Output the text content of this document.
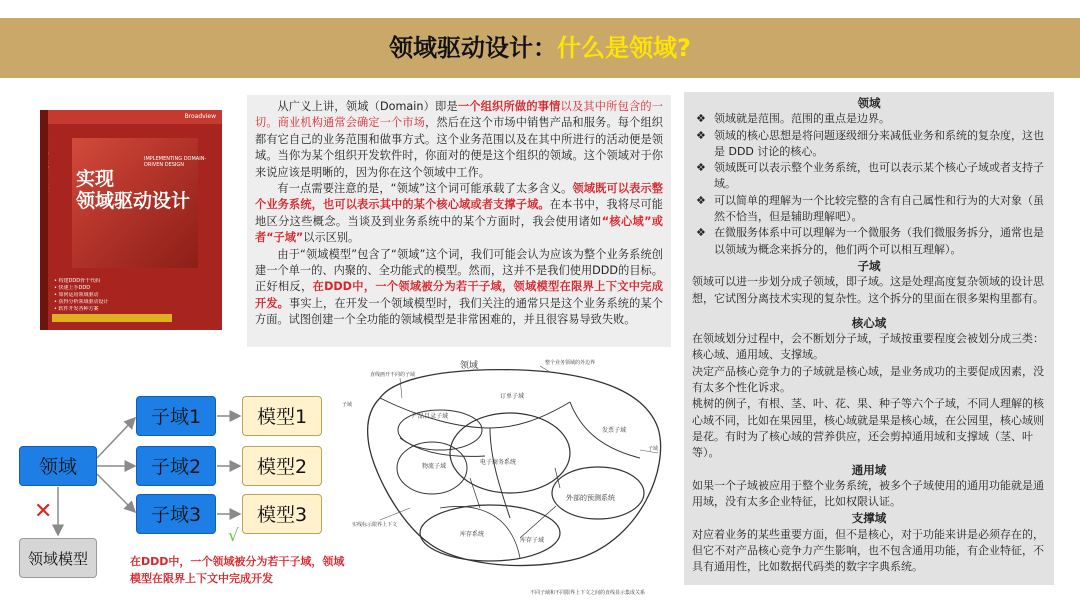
领域驱动设计：什么是领域?
Broadview
实现领域驱动设计	IMPLEMENTING DOMAIN-DRIVEN DESIGN
实现
领域驱动设计
• 构建DDD骨干代码
• 快速上手DDD
• 如何运用领域驱动
• 获得分析领域驱动设计
• 软件开发各种方案

从广义上讲，领域（Domain）即是一个组织所做的事情以及其中所包含的一切。商业机构通常会确定一个市场，然后在这个市场中销售产品和服务。每个组织都有它自己的业务范围和做事方式。这个业务范围以及在其中所进行的活动便是领域。当你为某个组织开发软件时，你面对的便是这个组织的领域。这个领域对于你来说应该是明晰的，因为你在这个领域中工作。

有一点需要注意的是，“领域”这个词可能承载了太多含义。领域既可以表示整个业务系统，也可以表示其中的某个核心域或者支撑子域。在本书中，我将尽可能地区分这些概念。当谈及到业务系统中的某个方面时，我会使用诸如“核心域”或者“子域”以示区别。

由于“领域模型”包含了“领域”这个词，我们可能会认为应该为整个业务系统创建一个单一的、内聚的、全功能式的模型。然而，这并不是我们使用DDD的目标。正好相反，在DDD中，一个领域被分为若干子域，领域模型在限界上下文中完成开发。事实上，在开发一个领域模型时，我们关注的通常只是这个业务系统的某个方面。试图创建一个全功能的领域模型是非常困难的，并且很容易导致失败。

领域
❖ 领域就是范围。范围的重点是边界。
❖ 领域的核心思想是将问题逐级细分来减低业务和系统的复杂度，这也是 DDD 讨论的核心。
❖ 领域既可以表示整个业务系统，也可以表示某个核心子域或者支持子域。
❖ 可以简单的理解为一个比较完整的含有自己属性和行为的大对象（虽然不恰当，但是辅助理解吧）。
❖ 在微服务体系中可以理解为一个微服务（我们微服务拆分，通常也是以领域为概念来拆分的，他们两个可以相互理解）。
子域

领域可以进一步划分成子领域，即子域。这是处理高度复杂领域的设计思想，它试图分离技术实现的复杂性。这个拆分的里面在很多架构里都有。

核心域

在领域划分过程中，会不断划分子域，子域按重要程度会被划分成三类：核心域、通用域、支撑域。

决定产品核心竞争力的子域就是核心域，是业务成功的主要促成因素，没有太多个性化诉求。

桃树的例子，有根、茎、叶、花、果、种子等六个子域，不同人理解的核心域不同，比如在果园里，核心域就是果是核心域，在公园里，核心域则是花。有时为了核心域的营养供应，还会剪掉通用域和支撑域（茎、叶等）。

通用域

如果一个子域被应用于整个业务系统，被多个子域使用的通用功能就是通用域，没有太多企业特征，比如权限认证。

支撑域

对应着业务的某些重要方面，但不是核心，对于功能来讲是必须存在的，但它不对产品核心竞争力产生影响，也不包含通用功能，有企业特征，不具有通用性，比如数据代码类的数字字典系统。

领域
子域1
子域2
子域3
模型1
模型2
模型3
领域模型
✕
√
在DDD中，一个领域被分为若干子域，领域模型在限界上下文中完成开发
领域
直线画开不同的子域
整个业务领域的外边界
子域
产品目录子域
订单子域
电子商务系统
发票子域
物流子域
子域
外部的预测系统
库存系统
库存子域
实线标示限界上下文
不同子域和不同限界上下文之间的直线显示集成关系
